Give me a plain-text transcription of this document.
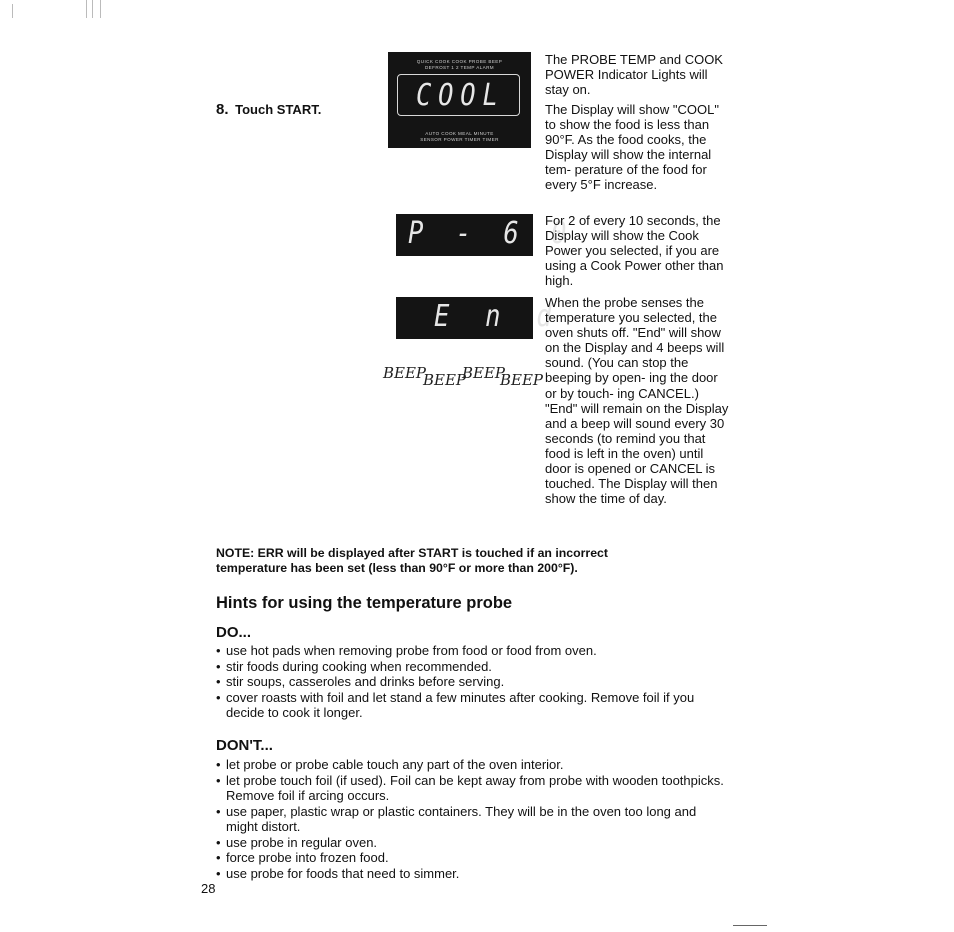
8. Touch START.
QUICK COOK COOK PROBE BEEP
DEFROST 1 2 TEMP ALARM
COOL
AUTO COOK MEAL MINUTE
SENSOR POWER TIMER TIMER
P - 6 0
E n d
BEEP
BEEP
BEEP
BEEP

The PROBE TEMP and COOK POWER Indicator Lights will stay on.

The Display will show "COOL" to show the food is less than 90°F. As the food cooks, the Display will show the internal tem- perature of the food for every 5°F increase.

For 2 of every 10 seconds, the Display will show the Cook Power you selected, if you are using a Cook Power other than high.

When the probe senses the temperature you selected, the oven shuts off. "End" will show on the Display and 4 beeps will sound. (You can stop the beeping by open- ing the door or by touch- ing CANCEL.) "End" will remain on the Display and a beep will sound every 30 seconds (to remind you that food is left in the oven) until door is opened or CANCEL is touched. The Display will then show the time of day.

NOTE: ERR will be displayed after START is touched if an incorrect
temperature has been set (less than 90°F or more than 200°F).
Hints for using the temperature probe
DO...
• use hot pads when removing probe from food or food from oven.
• stir foods during cooking when recommended.
• stir soups, casseroles and drinks before serving.
• cover roasts with foil and let stand a few minutes after cooking. Remove foil if you decide to cook it longer.
DON'T...
• let probe or probe cable touch any part of the oven interior.
• let probe touch foil (if used). Foil can be kept away from probe with wooden toothpicks. Remove foil if arcing occurs.
• use paper, plastic wrap or plastic containers. They will be in the oven too long and might distort.
• use probe in regular oven.
• force probe into frozen food.
• use probe for foods that need to simmer.
28
